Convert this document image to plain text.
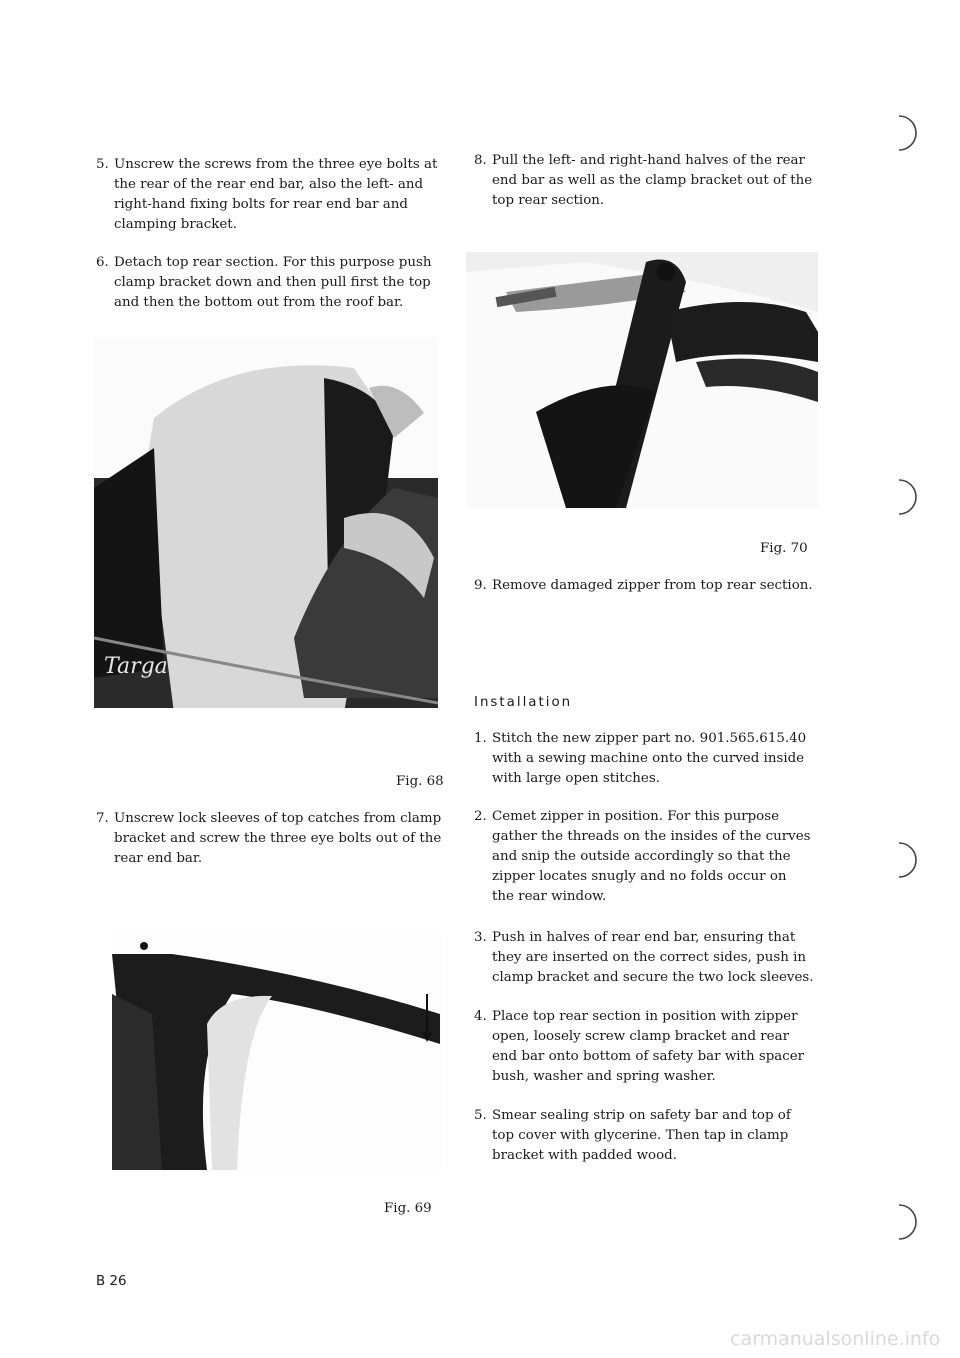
5. Unscrew the screws from the three eye bolts at
the rear of the rear end bar, also the left- and
right-hand fixing bolts for rear end bar and
clamping bracket.
6. Detach top rear section. For this purpose push
clamp bracket down and then pull first the top
and then the bottom out from the roof bar.
Targa
Fig. 68
7. Unscrew lock sleeves of top catches from clamp
bracket and screw the three eye bolts out of the
rear end bar.
Fig. 69
8. Pull the left- and right-hand halves of the rear
end bar as well as the clamp bracket out of the
top rear section.
Fig. 70
9. Remove damaged zipper from top rear section.
Installation
1. Stitch the new zipper part no. 901.565.615.40
with a sewing machine onto the curved inside
with large open stitches.
2. Cemet zipper in position. For this purpose
gather the threads on the insides of the curves
and snip the outside accordingly so that the
zipper locates snugly and no folds occur on
the rear window.
3. Push in halves of rear end bar, ensuring that
they are inserted on the correct sides, push in
clamp bracket and secure the two lock sleeves.
4. Place top rear section in position with zipper
open, loosely screw clamp bracket and rear
end bar onto bottom of safety bar with spacer
bush, washer and spring washer.
5. Smear sealing strip on safety bar and top of
top cover with glycerine. Then tap in clamp
bracket with padded wood.
B 26
carmanualsonline.info
